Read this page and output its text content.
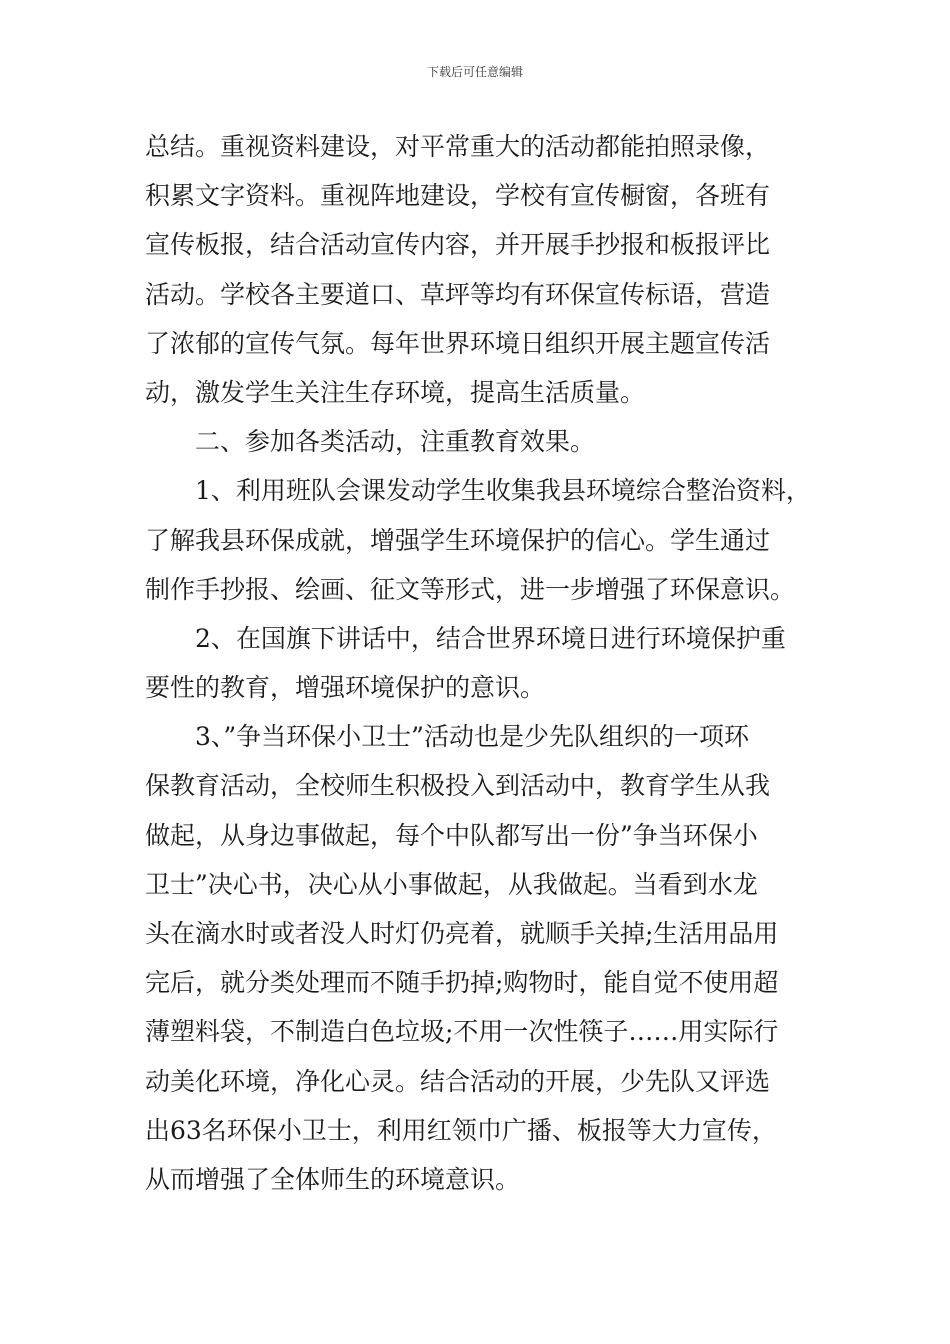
下载后可任意编辑
总结。重视资料建设，对平常重大的活动都能拍照录像，
积累文字资料。重视阵地建设，学校有宣传橱窗，各班有
宣传板报，结合活动宣传内容，并开展手抄报和板报评比
活动。学校各主要道口、草坪等均有环保宣传标语，营造
了浓郁的宣传气氛。每年世界环境日组织开展主题宣传活
动，激发学生关注生存环境，提高生活质量。
二、参加各类活动，注重教育效果。
1、利用班队会课发动学生收集我县环境综合整治资料，
了解我县环保成就，增强学生环境保护的信心。学生通过
制作手抄报、绘画、征文等形式，进一步增强了环保意识。
2、在国旗下讲话中，结合世界环境日进行环境保护重
要性的教育，增强环境保护的意识。
3、”争当环保小卫士”活动也是少先队组织的一项环
保教育活动，全校师生积极投入到活动中，教育学生从我
做起，从身边事做起，每个中队都写出一份”争当环保小
卫士”决心书，决心从小事做起，从我做起。当看到水龙
头在滴水时或者没人时灯仍亮着，就顺手关掉;生活用品用
完后，就分类处理而不随手扔掉;购物时，能自觉不使用超
薄塑料袋，不制造白色垃圾;不用一次性筷子……用实际行
动美化环境，净化心灵。结合活动的开展，少先队又评选
出63名环保小卫士，利用红领巾广播、板报等大力宣传，
从而增强了全体师生的环境意识。
